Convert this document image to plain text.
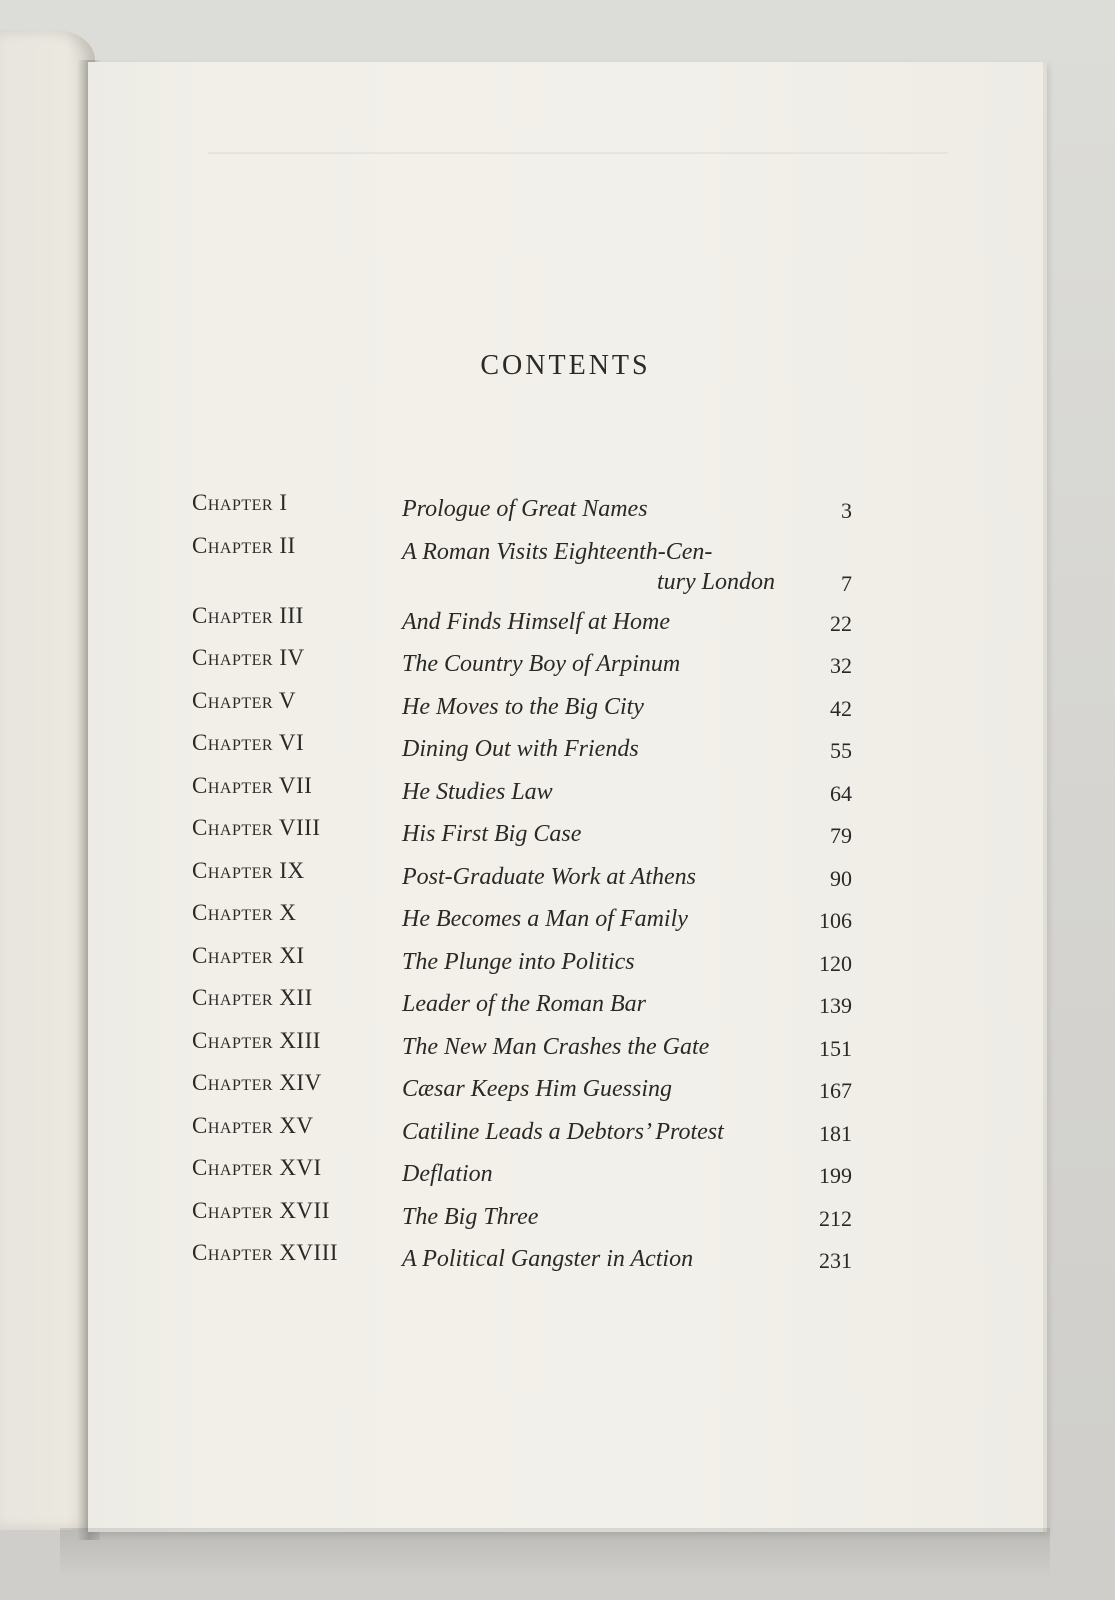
CONTENTS
Chapter I	Prologue of Great Names	3
Chapter II	A Roman Visits Eighteenth-Cen-
tury London	7
Chapter III	And Finds Himself at Home	22
Chapter IV	The Country Boy of Arpinum	32
Chapter V	He Moves to the Big City	42
Chapter VI	Dining Out with Friends	55
Chapter VII	He Studies Law	64
Chapter VIII	His First Big Case	79
Chapter IX	Post-Graduate Work at Athens	90
Chapter X	He Becomes a Man of Family	106
Chapter XI	The Plunge into Politics	120
Chapter XII	Leader of the Roman Bar	139
Chapter XIII	The New Man Crashes the Gate	151
Chapter XIV	Cæsar Keeps Him Guessing	167
Chapter XV	Catiline Leads a Debtors’ Protest	181
Chapter XVI	Deflation	199
Chapter XVII	The Big Three	212
Chapter XVIII	A Political Gangster in Action	231
